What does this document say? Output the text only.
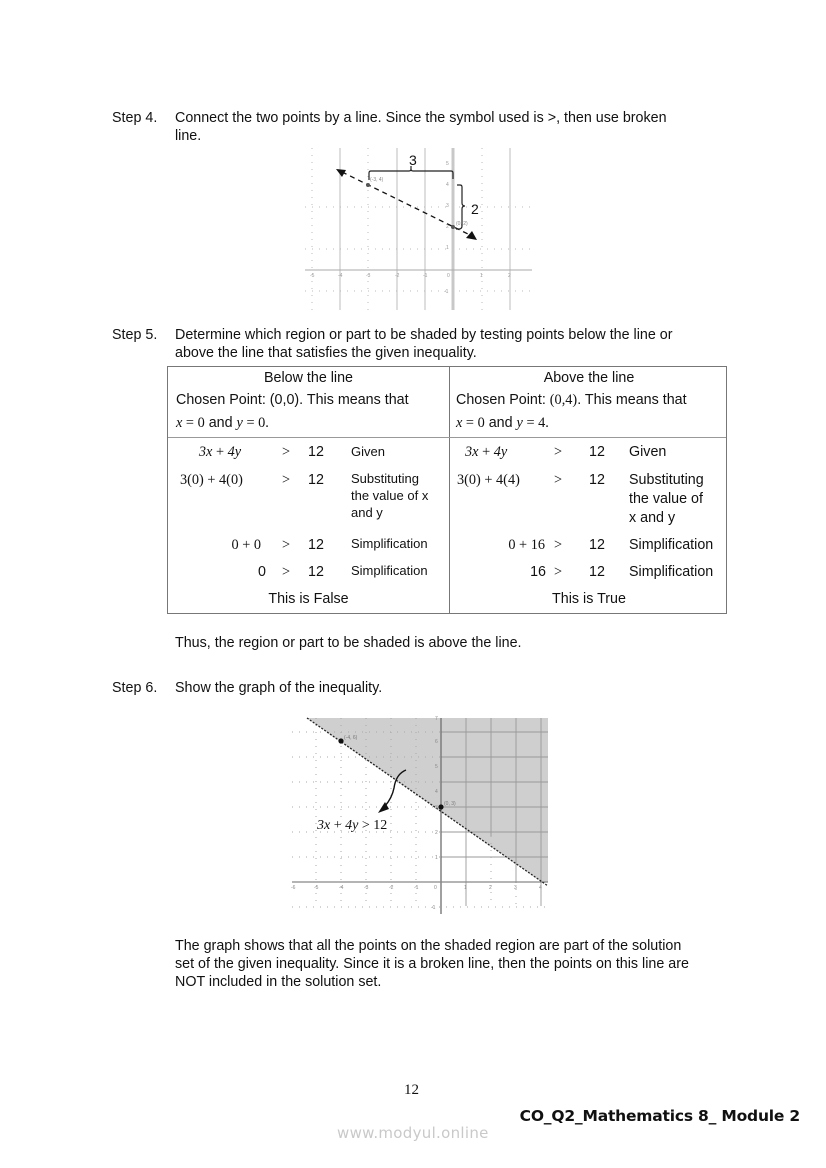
Step 4. Connect the two points by a line. Since the symbol used is >, then use broken
line.
-5	-4	-3	-2	-1	0	1	2
5
4
3
2
1
-1
(-3, 4)
(0, 2)
3
2
Step 5. Determine which region or part to be shaded by testing points below the line or
above the line that satisfies the given inequality.
Below the line
Chosen Point: (0,0). This means that
x = 0 and y = 0.
3x + 4y	> 12 Given
3(0) + 4(0)	> 12 Substituting
the value of x
and y
0 + 0 > 12 Simplification
0 > 12 Simplification
This is False
Above the line
Chosen Point: (0,4). This means that
x = 0 and y = 4.
3x + 4y	> 12 Given
3(0) + 4(4) > 12 Substituting
the value of
x and y
0 + 16 > 12 Simplification
16 > 12 Simplification
This is True
Thus, the region or part to be shaded is above the line.
Step 6. Show the graph of the inequality.
(-4, 6)
(0, 3)
-6	-5	-4	-3	-2	-1	0	1	2	3	4
7
6
5
4
3
2
1
-1
3x + 4y > 12
The graph shows that all the points on the shaded region are part of the solution
set of the given inequality. Since it is a broken line, then the points on this line are
NOT included in the solution set.
12
CO_Q2_Mathematics 8_ Module 2
www.modyul.online
